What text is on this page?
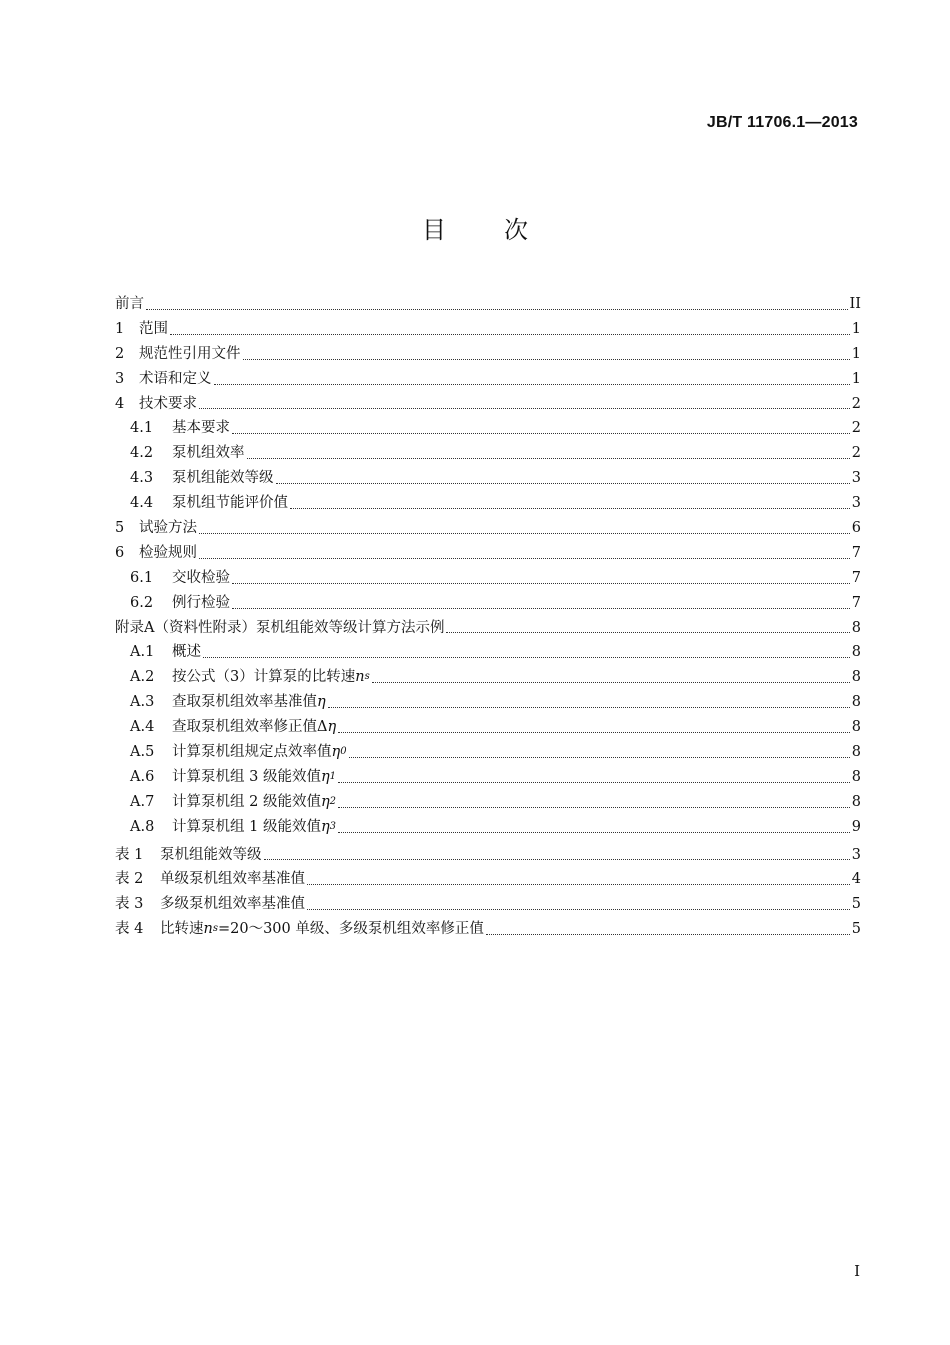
JB/T 11706.1—2013
目次
前言	II
1	范围	1
2	规范性引用文件	1
3	术语和定义	1
4	技术要求	2
4.1	基本要求	2
4.2	泵机组效率	2
4.3	泵机组能效等级	3
4.4	泵机组节能评价值	3
5	试验方法	6
6	检验规则	7
6.1	交收检验	7
6.2	例行检验	7
附录A（资料性附录）泵机组能效等级计算方法示例	8
A.1	概述	8
A.2	按公式（3）计算泵的比转速 n s	8
A.3	查取泵机组效率基准值 η	8
A.4	查取泵机组效率修正值Δ η	8
A.5	计算泵机组规定点效率值 η 0	8
A.6	计算泵机组 3 级能效值 η 1	8
A.7	计算泵机组 2 级能效值 η 2	8
A.8	计算泵机组 1 级能效值 η 3	9
表 1	泵机组能效等级	3
表 2	单级泵机组效率基准值	4
表 3	多级泵机组效率基准值	5
表 4	比转速 n s =20～300 单级、多级泵机组效率修正值	5
I
